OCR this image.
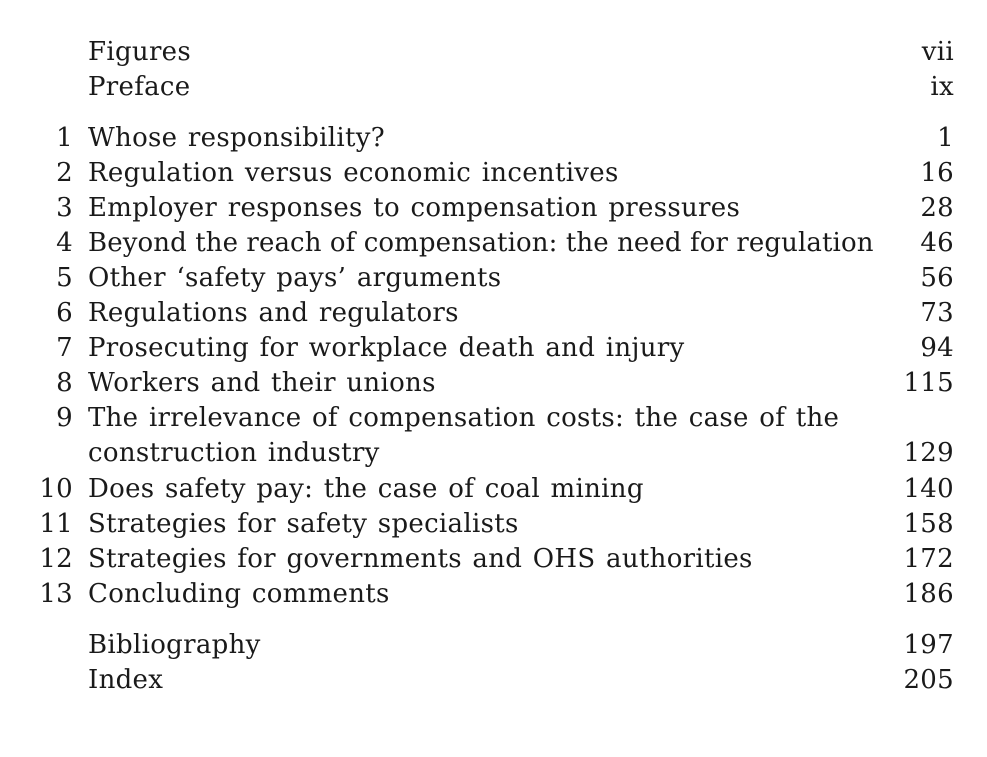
Figures	vii
Preface	ix
1 Whose responsibility?	1
2 Regulation versus economic incentives	16
3 Employer responses to compensation pressures	28
4 Beyond the reach of compensation: the need for regulation 46
5 Other ‘safety pays’ arguments	56
6 Regulations and regulators	73
7 Prosecuting for workplace death and injury	94
8 Workers and their unions	115
9 The irrelevance of compensation costs: the case of the
construction industry	129
10 Does safety pay: the case of coal mining	140
11 Strategies for safety specialists	158
12 Strategies for governments and OHS authorities	172
13 Concluding comments	186
Bibliography	197
Index	205
